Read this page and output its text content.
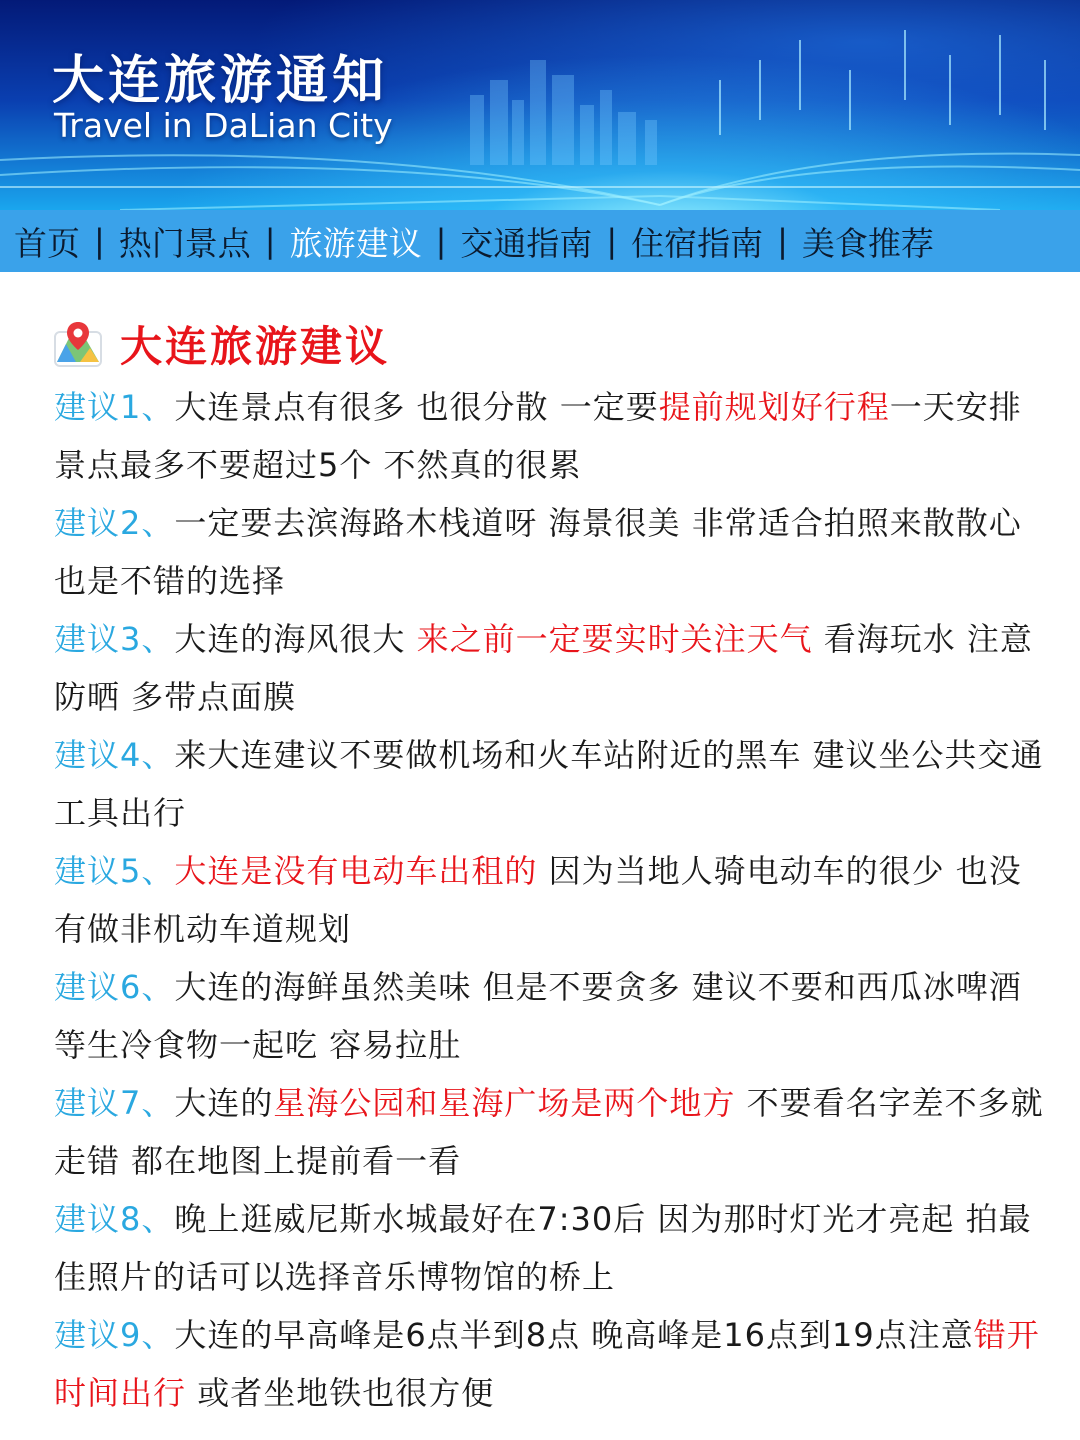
大连旅游通知
Travel in DaLian City
首页 | 热门景点 | 旅游建议 | 交通指南 | 住宿指南 | 美食推荐
大连旅游建议
建议1、大连景点有很多 也很分散 一定要提前规划好行程一天安排景点最多不要超过5个 不然真的很累
建议2、一定要去滨海路木栈道呀 海景很美 非常适合拍照来散散心也是不错的选择
建议3、大连的海风很大 来之前一定要实时关注天气 看海玩水 注意防晒 多带点面膜
建议4、来大连建议不要做机场和火车站附近的黑车 建议坐公共交通工具出行
建议5、大连是没有电动车出租的 因为当地人骑电动车的很少 也没有做非机动车道规划
建议6、大连的海鲜虽然美味 但是不要贪多 建议不要和西瓜冰啤酒等生冷食物一起吃 容易拉肚
建议7、大连的星海公园和星海广场是两个地方 不要看名字差不多就走错 都在地图上提前看一看
建议8、晚上逛威尼斯水城最好在7:30后 因为那时灯光才亮起 拍最佳照片的话可以选择音乐博物馆的桥上
建议9、大连的早高峰是6点半到8点 晚高峰是16点到19点注意错开时间出行 或者坐地铁也很方便
